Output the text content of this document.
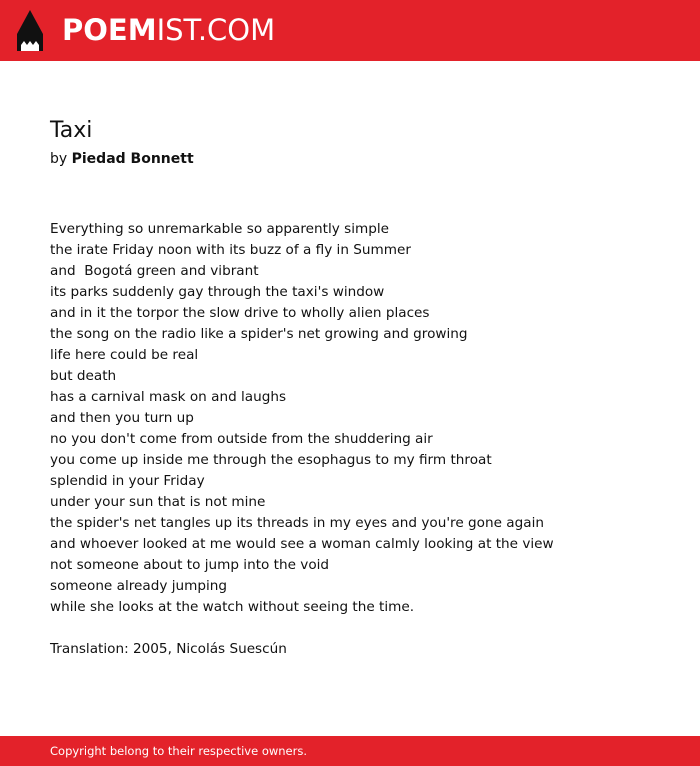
POEMIST.COM
Taxi
by Piedad Bonnett
Everything so unremarkable so apparently simple
the irate Friday noon with its buzz of a fly in Summer
and  Bogotá green and vibrant
its parks suddenly gay through the taxi's window
and in it the torpor the slow drive to wholly alien places
the song on the radio like a spider's net growing and growing
life here could be real
but death
has a carnival mask on and laughs
and then you turn up
no you don't come from outside from the shuddering air
you come up inside me through the esophagus to my firm throat
splendid in your Friday
under your sun that is not mine
the spider's net tangles up its threads in my eyes and you're gone again
and whoever looked at me would see a woman calmly looking at the view
not someone about to jump into the void
someone already jumping
while she looks at the watch without seeing the time.
Translation: 2005, Nicolás Suescún
Copyright belong to their respective owners.
